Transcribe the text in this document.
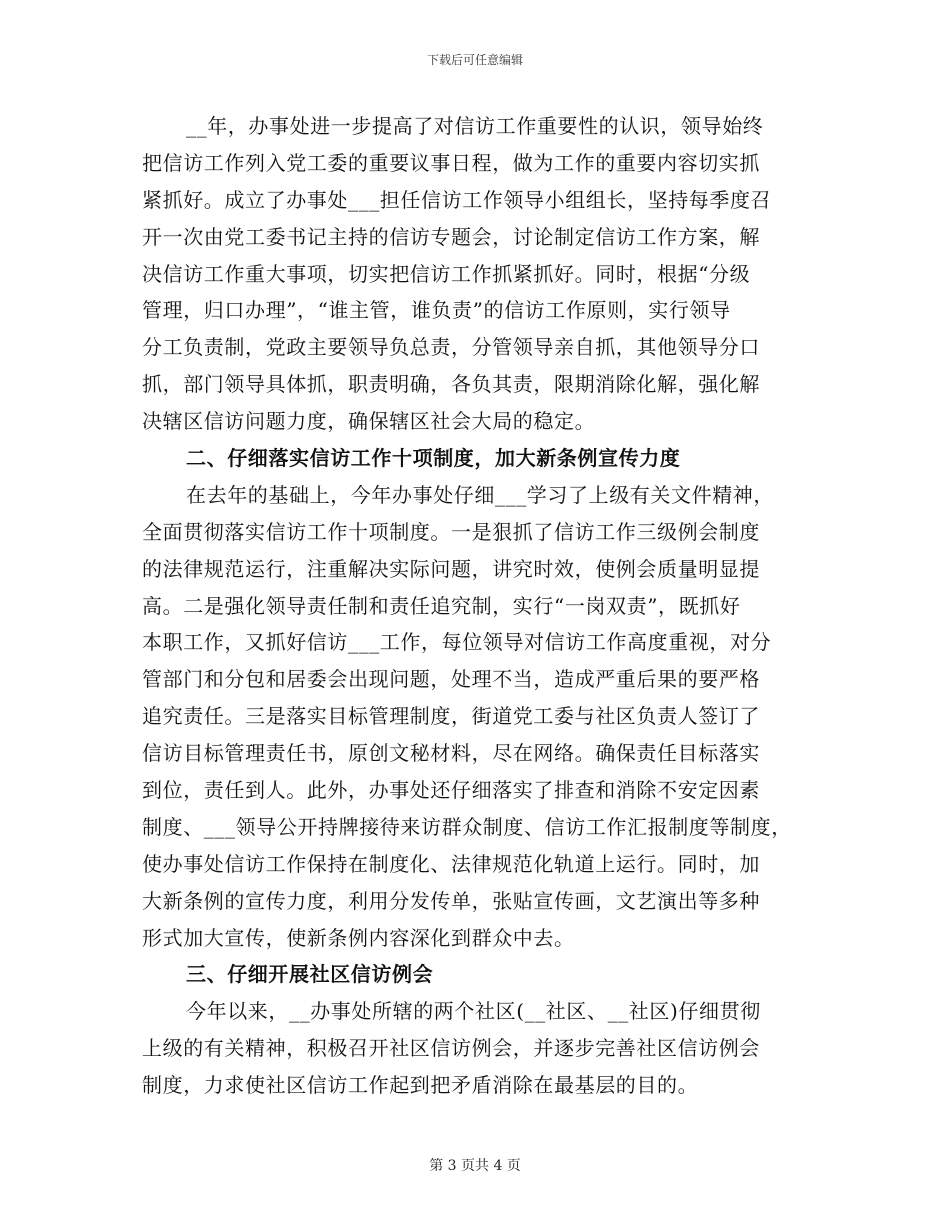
下载后可任意编辑
__年，办事处进一步提高了对信访工作重要性的认识，领导始终
把信访工作列入党工委的重要议事日程，做为工作的重要内容切实抓
紧抓好。成立了办事处___担任信访工作领导小组组长，坚持每季度召
开一次由党工委书记主持的信访专题会，讨论制定信访工作方案，解
决信访工作重大事项，切实把信访工作抓紧抓好。同时，根据“分级
管理，归口办理”，“谁主管，谁负责”的信访工作原则，实行领导
分工负责制，党政主要领导负总责，分管领导亲自抓，其他领导分口
抓，部门领导具体抓，职责明确，各负其责，限期消除化解，强化解
决辖区信访问题力度，确保辖区社会大局的稳定。
二、仔细落实信访工作十项制度，加大新条例宣传力度
在去年的基础上，今年办事处仔细___学习了上级有关文件精神，
全面贯彻落实信访工作十项制度。一是狠抓了信访工作三级例会制度
的法律规范运行，注重解决实际问题，讲究时效，使例会质量明显提
高。二是强化领导责任制和责任追究制，实行“一岗双责”，既抓好
本职工作，又抓好信访___工作，每位领导对信访工作高度重视，对分
管部门和分包和居委会出现问题，处理不当，造成严重后果的要严格
追究责任。三是落实目标管理制度，街道党工委与社区负责人签订了
信访目标管理责任书，原创文秘材料，尽在网络。确保责任目标落实
到位，责任到人。此外，办事处还仔细落实了排查和消除不安定因素
制度、___领导公开持牌接待来访群众制度、信访工作汇报制度等制度，
使办事处信访工作保持在制度化、法律规范化轨道上运行。同时，加
大新条例的宣传力度，利用分发传单，张贴宣传画，文艺演出等多种
形式加大宣传，使新条例内容深化到群众中去。
三、仔细开展社区信访例会
今年以来，__办事处所辖的两个社区(__社区、__社区)仔细贯彻
上级的有关精神，积极召开社区信访例会，并逐步完善社区信访例会
制度，力求使社区信访工作起到把矛盾消除在最基层的目的。
第 3 页共 4 页
